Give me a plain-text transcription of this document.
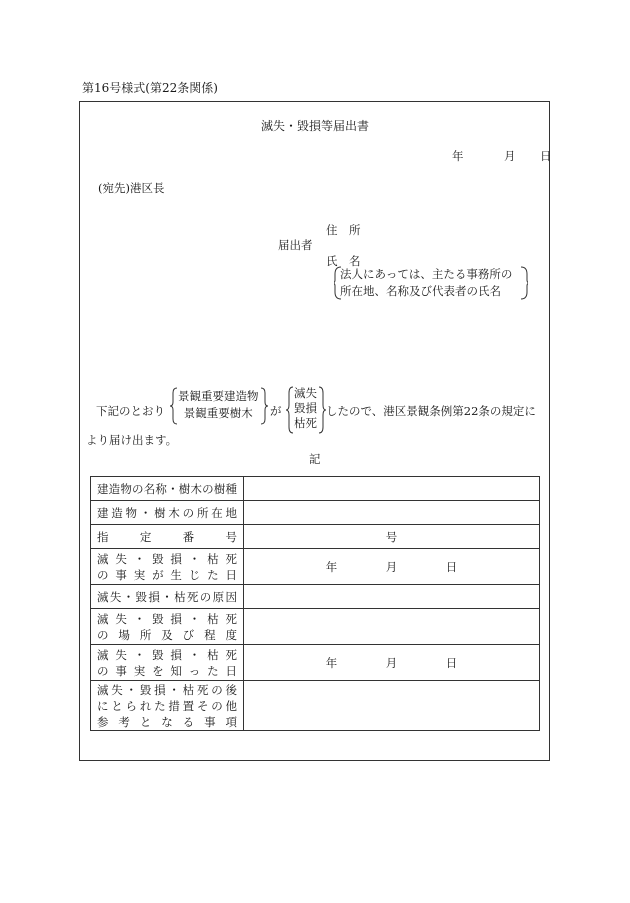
第16号様式(第22条関係)
滅失・毀損等届出書
年	月 日
(宛先)港区長
住　所
届出者
氏　名
法人にあっては、主たる事務所の
所在地、名称及び代表者の氏名
下記のとおり
景観重要建造物
景観重要樹木	が
滅失
毀損
枯死
したので、港区景観条例第22条の規定に
より届け出ます。
記
建造物の名称・樹木の樹種	
建造物・樹木の所在地	
指定番号	号

滅失・毀損・枯死
の事実が生じた日	年 月 日
滅失・毀損・枯死の原因	

滅失・毀損・枯死
の場所及び程度	

滅失・毀損・枯死
の事実を知った日	年 月 日

滅失・毀損・枯死の後
にとられた措置その他
参考となる事項	
